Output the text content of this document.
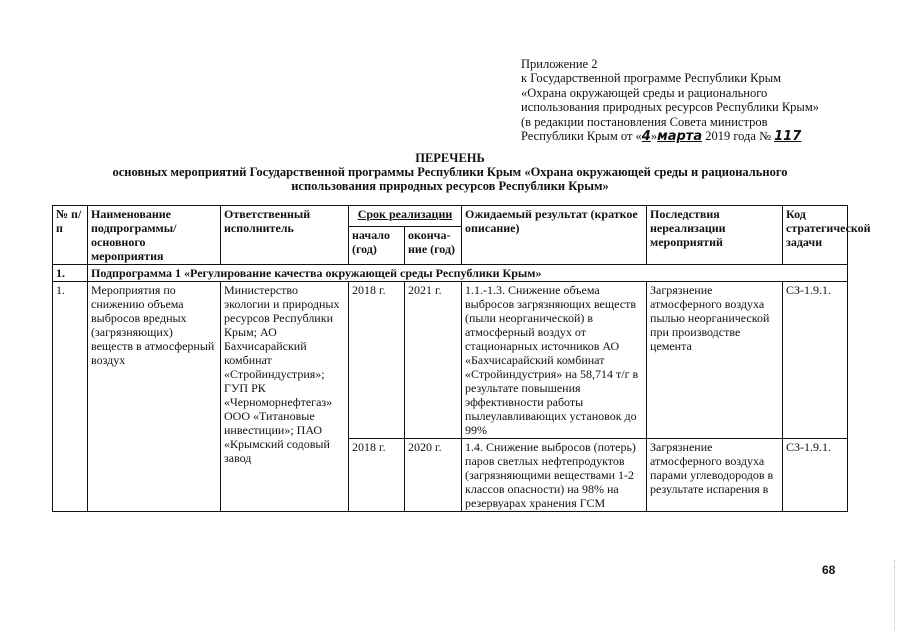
Приложение 2
к Государственной программе Республики Крым
«Охрана окружающей среды и рационального
использования природных ресурсов Республики Крым»
(в редакции постановления Совета министров
Республики Крым от «4»марта 2019 года № 117
ПЕРЕЧЕНЬ
основных мероприятий Государственной программы Республики Крым «Охрана окружающей среды и рационального
использования природных ресурсов Республики Крым»
№ п/п	Наименование подпрограммы/ основного мероприятия	Ответственный исполнитель	Срок реализации		Ожидаемый результат (краткое описание)	Последствия нереализации мероприятий	Код стратегической задачи
			начало (год)	оконча-ние (год)			
1.	Подпрограмма 1 «Регулирование качества окружающей среды Республики Крым»						
1.	Мероприятия по снижению объема выбросов вредных (загрязняющих) веществ в атмосферный воздух	Министерство экологии и природных ресурсов Республики Крым; АО Бахчисарайский комбинат «Стройиндустрия»; ГУП РК «Черноморнефтегаз» ООО «Титановые инвестиции»; ПАО «Крымский содовый завод	2018 г.	2021 г.	1.1.-1.3. Снижение объема выбросов загрязняющих веществ (пыли неорганической) в атмосферный воздух от стационарных источников АО «Бахчисарайский комбинат «Стройиндустрия» на 58,714 т/г в результате повышения эффективности работы пылеулавливающих установок до 99%	Загрязнение атмосферного воздуха пылью неорганической при производстве цемента	СЗ-1.9.1.
			2018 г.	2020 г.	1.4. Снижение выбросов (потерь) паров светлых нефтепродуктов (загрязняющими веществами 1-2 классов опасности) на 98% на резервуарах хранения ГСМ	Загрязнение атмосферного воздуха парами углеводородов в результате испарения в	СЗ-1.9.1.
68
